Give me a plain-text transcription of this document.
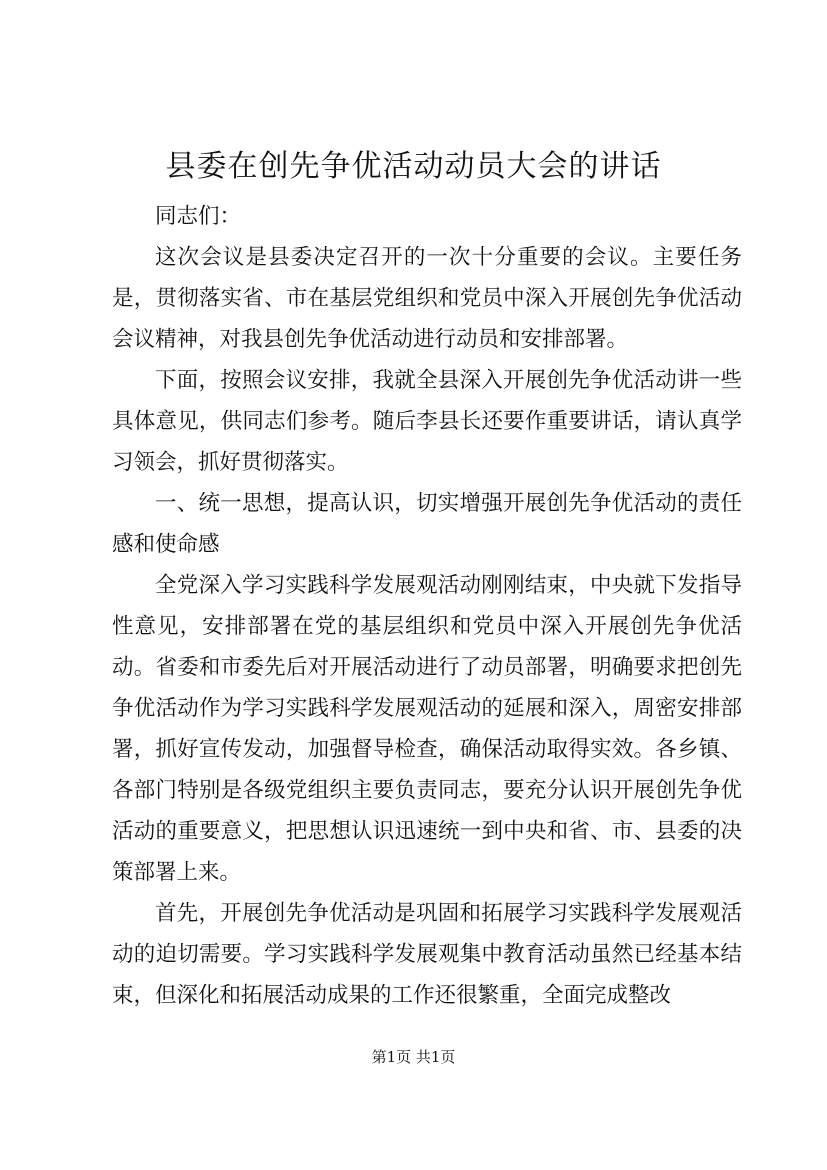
县委在创先争优活动动员大会的讲话

同志们：

这次会议是县委决定召开的一次十分重要的会议。主要任务是，贯彻落实省、市在基层党组织和党员中深入开展创先争优活动会议精神，对我县创先争优活动进行动员和安排部署。

下面，按照会议安排，我就全县深入开展创先争优活动讲一些具体意见，供同志们参考。随后李县长还要作重要讲话，请认真学习领会，抓好贯彻落实。

一、统一思想，提高认识，切实增强开展创先争优活动的责任感和使命感

全党深入学习实践科学发展观活动刚刚结束，中央就下发指导性意见，安排部署在党的基层组织和党员中深入开展创先争优活动。省委和市委先后对开展活动进行了动员部署，明确要求把创先争优活动作为学习实践科学发展观活动的延展和深入，周密安排部署，抓好宣传发动，加强督导检查，确保活动取得实效。各乡镇、各部门特别是各级党组织主要负责同志，要充分认识开展创先争优活动的重要意义，把思想认识迅速统一到中央和省、市、县委的决策部署上来。

首先，开展创先争优活动是巩固和拓展学习实践科学发展观活动的迫切需要。学习实践科学发展观集中教育活动虽然已经基本结束，但深化和拓展活动成果的工作还很繁重，全面完成整改

第1页 共1页
